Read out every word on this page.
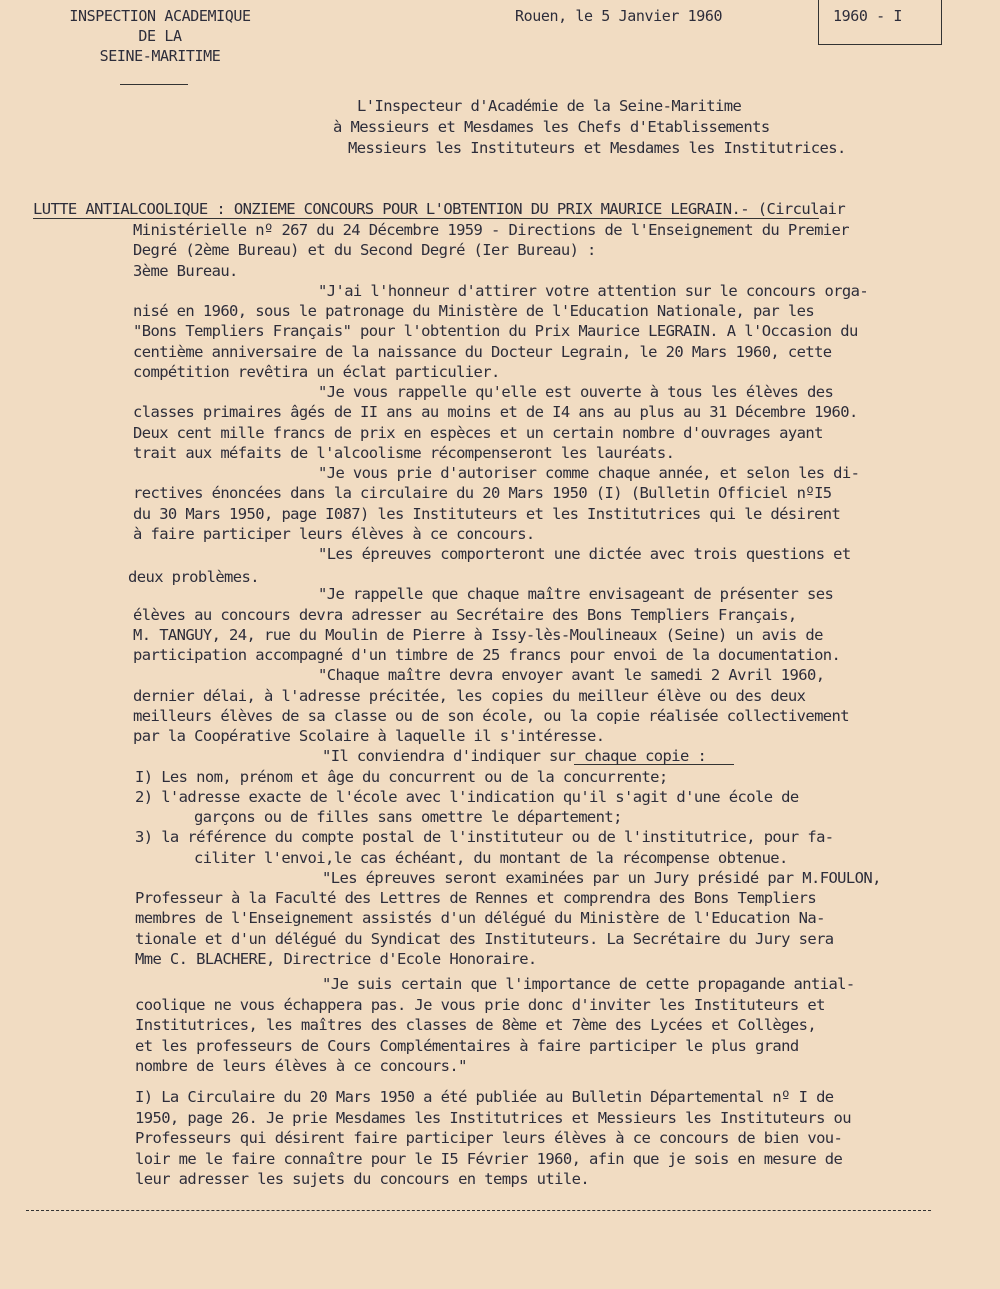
INSPECTION ACADEMIQUE
DE LA
SEINE-MARITIME
Rouen, le 5 Janvier 1960	1960 - I
L'Inspecteur d'Académie de la Seine-Maritime
à Messieurs et Mesdames les Chefs d'Etablissements
Messieurs les Instituteurs et Mesdames les Institutrices.
LUTTE ANTIALCOOLIQUE : ONZIEME CONCOURS POUR L'OBTENTION DU PRIX MAURICE LEGRAIN.- (Circulair
Ministérielle nº 267 du 24 Décembre 1959 - Directions de l'Enseignement du Premier
Degré (2ème Bureau) et du Second Degré (Ier Bureau) :
3ème Bureau.
"J'ai l'honneur d'attirer votre attention sur le concours orga-
nisé en 1960, sous le patronage du Ministère de l'Education Nationale, par les
"Bons Templiers Français" pour l'obtention du Prix Maurice LEGRAIN. A l'Occasion du
centième anniversaire de la naissance du Docteur Legrain, le 20 Mars 1960, cette
compétition revêtira un éclat particulier.
"Je vous rappelle qu'elle est ouverte à tous les élèves des
classes primaires âgés de II ans au moins et de I4 ans au plus au 31 Décembre 1960.
Deux cent mille francs de prix en espèces et un certain nombre d'ouvrages ayant
trait aux méfaits de l'alcoolisme récompenseront les lauréats.
"Je vous prie d'autoriser comme chaque année, et selon les di-
rectives énoncées dans la circulaire du 20 Mars 1950 (I) (Bulletin Officiel nºI5
du 30 Mars 1950, page I087) les Instituteurs et les Institutrices qui le désirent
à faire participer leurs élèves à ce concours.
"Les épreuves comporteront une dictée avec trois questions et
deux problèmes.
"Je rappelle que chaque maître envisageant de présenter ses
élèves au concours devra adresser au Secrétaire des Bons Templiers Français,
M. TANGUY, 24, rue du Moulin de Pierre à Issy-lès-Moulineaux (Seine) un avis de
participation accompagné d'un timbre de 25 francs pour envoi de la documentation.
"Chaque maître devra envoyer avant le samedi 2 Avril 1960,
dernier délai, à l'adresse précitée, les copies du meilleur élève ou des deux
meilleurs élèves de sa classe ou de son école, ou la copie réalisée collectivement
par la Coopérative Scolaire à laquelle il s'intéresse.
"Il conviendra d'indiquer sur chaque copie :
I) Les nom, prénom et âge du concurrent ou de la concurrente;
2) l'adresse exacte de l'école avec l'indication qu'il s'agit d'une école de
garçons ou de filles sans omettre le département;
3) la référence du compte postal de l'instituteur ou de l'institutrice, pour fa-
ciliter l'envoi,le cas échéant, du montant de la récompense obtenue.
"Les épreuves seront examinées par un Jury présidé par M.FOULON,
Professeur à la Faculté des Lettres de Rennes et comprendra des Bons Templiers
membres de l'Enseignement assistés d'un délégué du Ministère de l'Education Na-
tionale et d'un délégué du Syndicat des Instituteurs. La Secrétaire du Jury sera
Mme C. BLACHERE, Directrice d'Ecole Honoraire.
"Je suis certain que l'importance de cette propagande antial-
coolique ne vous échappera pas. Je vous prie donc d'inviter les Instituteurs et
Institutrices, les maîtres des classes de 8ème et 7ème des Lycées et Collèges,
et les professeurs de Cours Complémentaires à faire participer le plus grand
nombre de leurs élèves à ce concours."
I) La Circulaire du 20 Mars 1950 a été publiée au Bulletin Départemental nº I de
1950, page 26. Je prie Mesdames les Institutrices et Messieurs les Instituteurs ou
Professeurs qui désirent faire participer leurs élèves à ce concours de bien vou-
loir me le faire connaître pour le I5 Février 1960, afin que je sois en mesure de
leur adresser les sujets du concours en temps utile.
